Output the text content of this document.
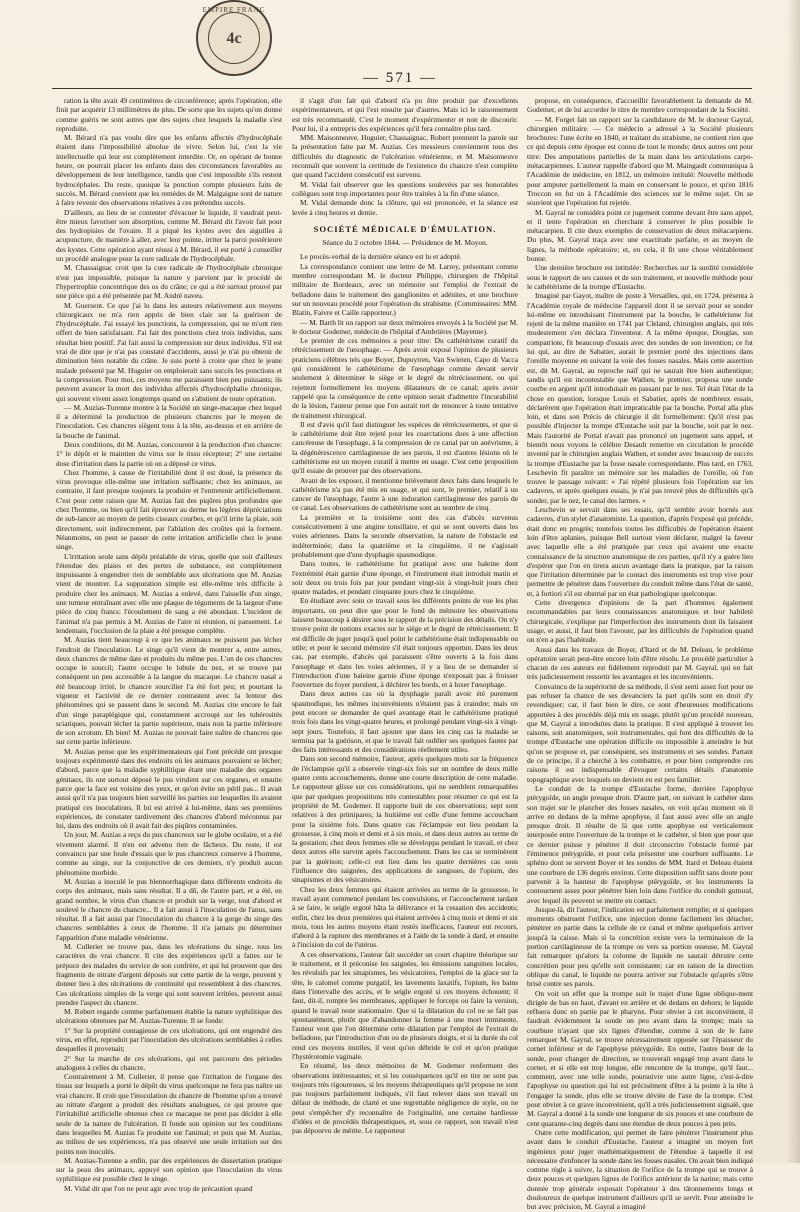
EMPIRE FRANC
4c
— 571 —

ration la tête avait 49 centimètres de circonférence; après l'opération, elle finit par acquérir 13 millimètres de plus. De sorte que les sujets qu'on donne comme guéris ne sont autres que des sujets chez lesquels la maladie s'est reproduite.

M. Bérard n'a pas voulu dire que les enfants affectés d'hydrocéphale étaient dans l'impossibilité absolue de vivre. Selon lui, c'est la vie intellectuelle qui leur est complètement interdite. Or, en opérant de bonne heure, on pourrait placer les enfants dans des circonstances favorables au développement de leur intelligence, tandis que c'est impossible s'ils restent hydrocéphales. Du reste, quoique la ponction compte plusieurs faits de succès, M. Bérard convient que les remèdes de M. Malgaigne sont de nature à faire revenir des observations relatives à ces prétendus succès.

D'ailleurs, au lieu de se contenter d'évacuer le liquide, il vaudrait peut-être mieux favoriser son absorption, comme M. Bérard dit l'avoir fait pour des hydropisies de l'ovaire. Il a piqué les kystes avec des aiguilles à acupuncture, de manière à aller, avec leur pointe, irriter la paroi postérieure des kystes. Cette opération ayant réussi à M. Bérard, il est porté à conseiller un procédé analogue pour la cure radicale de l'hydrocéphale.

M. Chassaignac croit que la cure radicale de l'hydrocéphale chronique n'est pas impossible, puisque la nature y parvient par le procédé de l'hypertrophie concentrique des os du crâne; ce qui a été surtout prouvé par une pièce qui a été présentée par M. André naveu.

M. Guersent. Ce que j'ai lu dans les auteurs relativement aux moyens chirurgicaux ne m'a rien appris de bien clair sur la guérison de l'hydrocéphale. J'ai essayé les ponctions, la compression, qui ne m'ont rien offert de bien satisfaisant. J'ai fait des ponctions chez trois individus, sans résultat bien positif. J'ai fait aussi la compression sur deux individus. S'il est vrai de dire que je n'ai pas constaté d'accidents, aussi je n'ai pu obtenir de diminution bien notable du crâne. Je suis porté à croire que chez le jeune malade présenté par M. Huguier on emploierait sans succès les ponctions et la compression. Pour moi, ces moyens me paraissent bien peu puissants; ils peuvent avancer la mort des individus affectés d'hydrocéphalie chronique, qui souvent vivent assez longtemps quand on s'abstient de toute opération.

— M. Auzias-Turenne montre à la Société un singe-macaque chez lequel il a déterminé la production de plusieurs chancres par le moyen de l'inoculation. Ces chancres siègent tous à la tête, au-dessus et en arrière de la bouche de l'animal.

Deux conditions, dit M. Auzias, concourent à la production d'un chancre: 1° le dépôt et le maintien du virus sur le tissu récepteur; 2° une certaine dose d'irritation dans la partie où on a déposé ce virus.

Chez l'homme, à cause de l'irritabilité dont il est doué, la présence du virus provoque elle-même une irritation suffisante; chez les animaux, au contraire, il faut presque toujours la produire et l'entretenir artificiellement. C'est pour cette raison que M. Auzias fait des piqûres plus profondes que chez l'homme, ou bien qu'il fait éprouver au derme les légères dépréciations de sub-lancer au moyen de petits ciseaux courbes, et qu'il irrite la plaie, soit directement, soit indirectement, par l'ablation des croûtes qui la forment. Néanmoins, on peut se passer de cette irritation artificielle chez le jeune singe.

L'irritation seule sans dépôt préalable de virus, quelle que soit d'ailleurs l'étendue des plaies et des pertes de substance, est complètement impuissante à engendrer rien de semblable aux ulcérations que M. Auzias vient de montrer. La suppuration simple est elle-même très difficile à produire chez les animaux. M. Auzias a enlevé, dans l'aisselle d'un singe, une tumeur entraînant avec elle une plaque de téguments de la largeur d'une pièce de cinq francs: l'écoulement de sang a été abondant. L'incident de l'animal n'a pas permis à M. Auzias de l'aire ni réunion, ni pansement. Le lendemain, l'occlusion de la plaie a été presque complète.

M. Auzias tient beaucoup à ce que les animaux ne puissent pas lécher l'endroit de l'inoculation. Le singe qu'il vient de montrer a, entre autres, deux chancres de même date et produits du même pus. L'un de ces chancres occupe le sourcil; l'autre occupe le lobule du nez, et se trouve par conséquent un peu accessible à la langue du macaque. Le chancre nasal a été beaucoup irrité, le chancre sourcilier l'a été fort peu; et pourtant la vigueur et l'activité de ce dernier contrastent avec la lenteur des phénomènes qui se passent dans le second. M. Auzias cite encore le fait d'un singe paraplégique qui, constamment accroupi sur les tubérosités sciatiques, pouvait lécher la partie supérieure, mais non la partie inférieure de son scrotum. Eh bien! M. Auzias ne pouvait faire naître de chancres que sur cette partie inférieure.

M. Auzias pense que les expérimentateurs qui l'ont précédé ont presque toujours expérimenté dans des endroits où les animaux pouvaient se lécher; d'abord, parce que la maladie syphilitique étant une maladie des organes génitaux, ils ont surtout déposé le pus virulent sur ces organes, et ensuite parce que la face est voisine des yeux, et qu'on évite un péril pas... Il avait aussi qu'il n'a pas toujours bien surveillé les parties sur lesquelles ils avaient pratiqué ces inoculations. Il lui est arrivé à lui-même, dans ses premières expériences, de constater tardivement des chancres d'abord méconnus par lui, dans des endroits où il avait fait des piqûres contaminées.

Un jour, M. Auzias a reçu du pus chancreux sur le globe oculaire, et a été vivement alarmé. Il n'en est advenu rien de fâcheux. Du reste, il est convaincu par une foule d'essais que le pus chancreux conserve à l'homme, comme au singe, sur la conjonctive de ces derniers, n'y produit aucun phénomène morbide.

M. Auzias a inoculé le pus blennorrhagique dans différents endroits du corps des animaux, mais sans résultat. Il a dû, de l'autre part, et a été, en grand nombre, le virus d'un chancre et produit sur la verge, tout d'abord et soulevé le chancre du chancre... Il a fait aussi à l'inoculation de l'anus, sans résultat. Il a fait aussi par l'inoculation du chancre à la gorge du singe des chancres semblables à ceux de l'homme. Il n'a jamais pu déterminer l'apparition d'une maladie vénérienne.

M. Cullerier ne trouve pas, dans les ulcérations du singe, tous les caractères du vrai chancre. Il cite des expériences qu'il a faites sur le prépuce des malades du service de son confrère, et qui lui prouvent que des fragments de nitrate d'argent déposés sur cette partie de la verge, peuvent y donner lieu à des ulcérations de continuité qui ressemblent à des chancres. Ces ulcérations simples de la verge qui sont souvent irritées, peuvent aussi prendre l'aspect du chancre.

M. Robert regarde comme parfaitement établie la nature syphilitique des ulcérations obtenues par M. Auzias-Turenne. Il se fonde:

1° Sur la propriété contagieuse de ces ulcérations, qui ont engendré des virus, en effet, reproduit par l'inoculation des ulcérations semblables à celles desquelles il provenait;

2° Sur la marche de ces ulcérations, qui ont parcouru des périodes analogues à celles du chancre.

Contrairement à M. Cullerier, il pense que l'irritation de l'organe des tissus sur lesquels a porté le dépôt du virus quelconque ne fera pas naître un vrai chancre. Il croit que l'inoculation du chancre de l'homme qu'on a trouvé au nitrate d'argent a produit des résultats analogues, ce qui prouve que l'irritabilité artificielle obtenue chez ce macaque ne peut pas décider à elle seule de la nature de l'ulcération. Il fonde son opinion sur les conditions dans lesquelles M. Auzias l'a produite sur l'animal; et puis que M. Auzias, au milieu de ses expériences, n'a pas observé une seule irritation sur des points non inoculés.

M. Auzias-Turenne a enfin, par des expériences de dissertation pratique sur la peau des animaux, appuyé son opinion que l'inoculation du virus syphilitique est possible chez le singe.

M. Vidal dit que l'on ne peut agir avec trop de précaution quand

il s'agit d'un fait qui d'abord n'a pu être produit par d'excellents expérimentateurs, et qui l'est ensuite par d'autres. Mais ici le raisonnement est très recommandé. C'est le moment d'expérimenter et non de discourir. Pour lui, il a entrepris des expériences qu'il fera connaître plus tard.

MM. Maisonneuve, Huguier, Chassaignac, Robert prennent la parole sur la présentation faite par M. Auzias. Ces messieurs conviennent tous des difficultés du diagnostic de l'ulcération vénérienne, et M. Maisonneuve reconnaît que souvent la certitude de l'existence du chancre n'est complète que quand l'accident consécutif est survenu.

M. Vidal fait observer que les questions soulevées par ses honorables collègues sont trop importantes pour être traitées à la fin d'une séance.

M. Vidal demande donc la clôture, qui est prononcée, et la séance est levée à cinq heures et demie.

SOCIÉTÉ MÉDICALE D'ÉMULATION.
Séance du 2 octobre 1844. — Présidence de M. Moyon.

Le procès-verbal de la dernière séance est lu et adopté.

La correspondance contient une lettre de M. Larrey, présentant comme membre correspondant M. le docteur Philippe, chirurgien de l'hôpital militaire de Bordeaux, avec un mémoire sur l'emploi de l'extrait de belladone dans le traitement des ganglionites et adénites, et une brochure sur un nouveau procédé pour l'opération du strabisme. (Commissaires: MM. Blatin, Faivre et Caille rapporteur.)

— M. Barth lit un rapport sur deux mémoires envoyés à la Société par M. le docteur Godemer, médecin de l'hôpital d'Ambrières (Mayenne).

Le premier de ces mémoires a pour titre: Du cathétérisme curatif du rétrécissement de l'œsophage. — Après avoir exposé l'opinion de plusieurs praticiens célèbres tels que Boyer, Dupuytren, Van Swieten, Capo di Vacca qui considèrent le cathétérisme de l'œsophage comme devant servir seulement à déterminer le siège et le degré du rétrécissement, ou qui rejettent formellement les moyens dilatateurs de ce canal; après avoir rappelé que la conséquence de cette opinion serait d'admettre l'incurabilité de la lésion, l'auteur pense que l'on aurait tort de renoncer à toute tentative de traitement chirurgical.

Il est d'avis qu'il faut distinguer les espèces de rétrécissements, et que si le cathétérisme doit être rejeté pour les coarctations dues à une affection cancéreuse de l'œsophage, à la compression de ce canal par un anévrisme, à la dégénérescence cartilagineuse de ses parois, il est d'autres lésions où le cathétérisme est un moyen curatif à mettre en usage. C'est cette proposition qu'il essaie de prouver par des observations.

Avant de les exposer, il mentionne brièvement deux faits dans lesquels le cathétérisme n'a pas été mis en usage, et qui sont, le premier, relatif à un cancer de l'œsophage, l'autre à une induration cartilagineuse des parois de ce canal. Les observations de cathétérisme sont au nombre de cinq.

La première et la troisième sont des cas d'abcès survenus consécutivement à une angine tonsillaire, et qui se sont ouverts dans les voies aériennes. Dans la seconde observation, la nature de l'obstacle est indéterminée; dans la quatrième et la cinquième, il ne s'agissait probablement que d'une dysphagie spasmodique.

Dans toutes, le cathétérisme fut pratiqué avec une baleine dont l'extrémité était garnie d'une éponge, et l'instrument était introduit matin et soir deux ou trois fois par jour pendant vingt-six à vingt-huit jours chez quatre malades, et pendant cinquante jours chez le cinquième.

En étudiant avec soin ce travail sous les différents points de vue les plus importants, on peut dire que pour le fond du mémoire les observations laissent beaucoup à désirer sous le rapport de la précision des détails. On n'y trouve point de notions exactes sur le siège et le degré de rétrécissement. Il est difficile de juger jusqu'à quel point le cathétérisme était indispensable ou utile; et pour le second mémoire s'il était toujours opportun. Dans les deux cas, par exemple, d'abcès qui paraissent s'être ouverts à la fois dans l'œsophage et dans les voies aériennes, il y a lieu de se demander si l'introduction d'une baleine garnie d'une éponge n'exposait pas à froisser l'ouverture du foyer purulent, à déchirer les bords, et à luxer l'œsophage.

Dans deux autres cas où la dysphagie paraît avoir été purement spasmodique, les mêmes inconvénients n'étaient pas à craindre; mais on peut encore se demander de quel avantage était le cathétérisme pratiqué trois fois dans les vingt-quatre heures, et prolongé pendant vingt-six à vingt-sept jours. Toutefois, il faut ajouter que dans les cinq cas la maladie se termina par la guérison, et que le travail fait oublier ses quelques fautes par des faits intéressants et des considérations réellement utiles.

Dans son second mémoire, l'auteur, après quelques mots sur la fréquence de l'éclampsie qu'il a observée vingt-six fois sur un nombre de deux mille quatre cents accouchements, donne une courte description de cette maladie. Le rapporteur glisse sur ces considérations, qui ne semblent remarquables que par quelques propositions très contestables pour résumer ce qui est la propriété de M. Godemer. Il rapporte huit de ces observations; sept sont relatives à des primipares; la huitième est celle d'une femme accouchant pour la sixième fois. Dans quatre cas l'éclampsie eut lieu pendant la grossesse, à cinq mois et demi et à six mois, et dans deux autres au terme de la gestation; chez deux femmes elle se développa pendant le travail, et chez deux autres elle survint après l'accouchement. Dans les cas se terminèrent par la guérison; celle-ci eut lieu dans les quatre dernières cas sous l'influence des saignées, des applications de sangsues, de l'opium, des sinapismes et des vésicatoires.

Chez les deux femmes qui étaient arrivées au terme de la grossesse, le travail ayant commencé pendant les convulsions, et l'accouchement tardant à se faire, le seigle ergoté hâta la délivrance et la cessation des accidents; enfin, chez les deux premières qui étaient arrivées à cinq mois et demi et six mois, tous les autres moyens étant restés inefficaces, l'auteur eut recours, d'abord à la rupture des membranes et à l'aide de la sonde à dard, et ensuite à l'incision du col de l'utérus.

A ces observations, l'auteur fait succéder un court chapitre théorique sur le traitement, et il préconise les saignées, les émissions sanguines locales, les révulsifs par les sinapismes, les vésicatoires, l'emploi de la glace sur la tête, le calomel comme purgatif, les lavements laxatifs, l'opium, les bains dans l'intervalle des accès, et le seigle ergoté si ces moyens échouent; il faut, dit-il, rompre les membranes, appliquer le forceps ou faire la version, quand le travail reste stationnaire. Que si la dilatation du col ne se fait pas spontanément, plutôt que d'abandonner la femme à une mort imminente, l'auteur veut que l'on détermine cette dilatation par l'emploi de l'extrait de belladone, par l'introduction d'un ou de plusieurs doigts, et si la durée du col rend ces moyens inutiles, il veut qu'on débride le col et qu'on pratique l'hystérotomie vaginale.

En résumé, les deux mémoires de M. Godemer renferment des observations intéressantes; et si les conséquences qu'il en tire ne sont pas toujours très rigoureuses, si les moyens thérapeutiques qu'il propose ne sont pas toujours parfaitement indiqués, s'il faut relever dans son travail un défaut de méthode, de clarté et une regrettable négligence de style, on ne peut s'empêcher d'y reconnaître de l'originalité, une certaine hardiesse d'idées et de procédés thérapeutiques, et, sous ce rapport, son travail n'est pas dépourvu de mérite. Le rapporteur

propose, en conséquence, d'accueillir favorablement la demande de M. Godemer, et de lui accorder le titre de membre correspondant de la Société.

— M. Forget fait un rapport sur la candidature de M. le docteur Gayral, chirurgien militaire. — Ce médecin a adressé à la Société plusieurs brochures: l'une écrite en 1840, et traitant du strabisme, ne contient rien que ce qui depuis cette époque est connu de tout le monde; deux autres ont pour titre: Des amputations partielles de la main dans les articulations carpo-métacarpiennes. L'auteur rappelle d'abord que M. Maingault communiqua à l'Académie de médecine, en 1812, un mémoire intitulé: Nouvelle méthode pour amputer partiellement la main en conservant le pouce, et qu'en 1816 Troccon en fut un à l'Académie des sciences sur le même sujet. On se souvient que l'opération fut rejetée.

M. Gayral ne considéra point ce jugement comme devant être sans appel, et il tente l'opération en cherchant à conserver le plus possible le métacarpien. Il cite deux exemples de conservation de deux métacarpiens. Du plus, M. Gayral traça avec une exactitude parfaite, et au moyen de lignes, la méthode opératoire; et, en cela, il fit une chose véritablement bonne.

Une dernière brochure est intitulée: Recherches sur la surdité considérée sous le rapport de ses causes et de son traitement, et nouvelle méthode pour le cathétérisme de la trompe d'Eustache.

Imaginé par Gayot, maître de poste à Versailles, qui, en 1724, présenta à l'Académie royale de médecine l'appareil dont il se servait pour se sonder lui-même en introduisant l'instrument par la bouche, le cathétérisme fut rejeté de la même manière en 1741 par Cleland, chirurgien anglais, qui très modestement s'en déclara l'inventeur. A la même époque, Douglas, son compatriote, fit beaucoup d'essais avec des sondes de son invention; ce fut lui qui, au dire de Sabatier, aurait le premier porté des injections dans l'oreille moyenne en suivant la voie des fosses nasales. Mais cette assertion est, dit M. Gayral, au reproche naïf qui ne saurait être bien authentique; tandis qu'il est incontestable que Wathen, le premier, proposa une sonde courbe en argent qu'il introduisait en passant par le nez. Tel était l'état de la chose en question, lorsque Louis et Sabatier, après de nombreux essais, déclarèrent que l'opération était impraticable par la bouche. Portal alla plus loin, et dans son Précis de chirurgie il dit formellement: Qu'il n'est pas possible d'injecter la trompe d'Eustache soit par la bouche, soit par le nez. Mais l'autorité de Portal n'avait pas prononcé un jugement sans appel, et bientôt nous voyons le célèbre Desault remettre en circulation le procédé inventé par le chirurgien anglais Wathen, et sonder avec beaucoup de succès la trompe d'Eustache par la fosse nasale correspondante. Plus tard, en 1763, Leschevin fit paraître un mémoire sur les maladies de l'oreille, où l'on trouve le passage suivant: « J'ai répété plusieurs fois l'opération sur les cadavres, et après quelques essais, je n'ai pas trouvé plus de difficultés qu'à sonder, par le nez, le canal des larmes. »

Leschevin se servait dans ses essais, qu'il semble avoir bornés aux cadavres, d'un stylet d'anatomiste. La question, d'après l'exposé qui précède, était donc en progrès; toutefois toutes les difficultés de l'opération étaient loin d'être aplanies, puisque Bell surtout vient déclarer, malgré la faveur avec laquelle elle a été pratiquée par ceux qui avaient une exacte connaissance de la structure anatomique de ces parties, qu'il n'y a guère lieu d'espérer que l'on en tirera aucun avantage dans la pratique, par la raison que l'irritation déterminée par le contact des instruments est trop vive pour permettre de pénétrer dans l'ouverture du conduit même dans l'état de santé, et, à fortiori s'il est obstrué par un état pathologique quelconque.

Cette divergence d'opinions de la part d'hommes également recommandables par leurs connaissances anatomiques et leur habileté chirurgicale, s'explique par l'imperfection des instruments dont ils faisaient usage, et aussi, il faut bien l'avouer, par les difficultés de l'opération quand on n'en a pas l'habitude.

Aussi dans les travaux de Boyer, d'Itard et de M. Deleau, le problème opératoire serait peut-être encore loin d'être résolu. Le procédé particulier à chacun de ces auteurs est fidèlement reproduit par M. Gayral, qui en fait très judicieusement ressortir les avantages et les inconvénients.

Convaincu de la supériorité de sa méthode, il s'est senti assez fort pour ne pas refuser la chance de ses devanciers la part qu'ils sont en droit d'y revendiquer; car, il faut bien le dire, ce sont d'heureuses modifications apportées à des procédés déjà mis en usage, plutôt qu'un procédé nouveau, que M. Gayral a introduites dans la pratique. Il s'est appliqué à trouver les raisons, soit anatomiques, soit instrumentales, qui font des difficultés de la trompe d'Eustache une opération difficile ou impossible à atteindre le but qu'on se propose et, par conséquent, ses instruments et ses sondes. Partant de ce principe, il a cherché à les combattre, et pour bien comprendre ces raisons il est indispensable d'évoquer certains détails d'anatomie topographique avec lesquels on devient en est peu familier.

Le conduit de la trompe d'Eustache forme, derrière l'apophyse ptérygoïde, un angle presque droit. D'autre part, on suivant le cathéter dans son trajet sur le plancher des fosses nasales, on voit qu'au moment où il arrive en dedans de la même apophyse, il faut aussi avec elle un angle presque droit. Il résulte de là que cette apophyse est verticalement interposée entre l'ouverture de la trompe et le cathéter, si bien que pour que ce dernier puisse y pénétrer il doit circonscrire l'obstacle formé par l'éminence ptérygoïde, et pour cela présenter une courbure suffisante. Le sphéno dont se servent Boyer et les sondes de MM. Itard et Deleau étaient une courbure de 136 degrés environ. Cette disposition suffit sans doute pour parvenir à la hauteur de l'apophyse ptérygoïde, et les instruments la contournent assez pour pénétrer bien loin dans l'orifice du conduit guttural, avec lequel ils peuvent se mettre en contact.

Jusque-là, dit l'auteur, l'indication est parfaitement remplie; et si quelques moments obstruent l'orifice, une injection donne facilement les détacher, pénétrer en partie dans la cellule de ce canal et même quelquefois arriver jusqu'à la caisse. Mais si la concrétion existe vers la terminaison de la portion cartilagineuse de la trompe ou vers sa portion osseuse, M. Gayral fait remarquer qu'alors la colonne de liquide ne saurait détruire cette concrétion pour peu qu'elle soit consistante; car en raison de la direction oblique du canal, le liquide ne pourra arriver sur l'obstacle qu'après s'être brisé contre ses parois.

On voit un effet que la trompe suit le trajet d'une ligne oblique-ment dirigée de bas en haut, d'avant en arrière et de dedans en dehors; le liquide refluera donc en partie par le pharynx. Pour obvier à cet inconvénient, il faudrait évidemment la sonde un peu avant dans la trompe; mais sa courbure n'ayant que six lignes d'étendue, comme à son de le faire remarquer M. Gayral, se trouve nécessairement opposée sur l'épaisseur du cornet inférieur et de l'apophyse ptérygoïde. En outre, l'autre bout de la sonde, pour changer de direction, se trouverait engagé trop avant dans le cornet, et si elle est trop longue, elle rencontre de la trompe, qu'il faut... comment, avec une telle sonde, poursuivre une autre ligne, c'est-à-dire l'apophyse ou question qui lui est précisément d'être à la pointe à la tête à l'engager la sonde, plus elle se trouve déviée de l'axe de la trompe. C'est pour obvier à ce grave inconvénient, qu'il a très judicieusement signalé, que M. Gayral a donné à la sonde une longueur de six pouces et une courbure de cent quarante-cinq degrés dans une étendue de deux pouces à peu près.

Outre cette modification, qui permet de faire pénétrer l'instrument plus avant dans le conduit d'Eustache, l'auteur a imaginé un moyen fort ingénieux pour juger mathématiquement de l'étendue à laquelle il est nécessaire d'enfoncer la sonde dans les fosses nasales. On avait bien indiqué comme règle à suivre, la situation de l'orifice de la trompe qui se trouve à deux pouces et quelques lignes de l'orifice antérieur de la narine; mais cette donnée trop générale exposait l'opérateur à des tâtonnements longs et douloureux de quelque instrument d'ailleurs qu'il se servît. Pour atteindre le but avec précision, M. Gayral a imaginé
